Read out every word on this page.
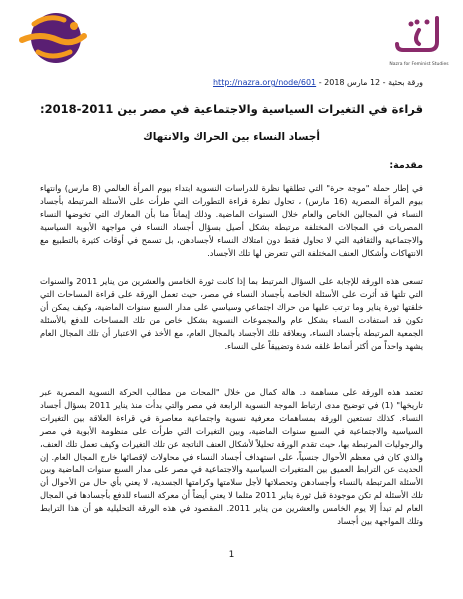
Nazra for Feminist Studies
ورقة بحثية - 12 مارس 2018 - http://nazra.org/node/601
قراءة في التغيرات السياسية والاجتماعية في مصر بين 2011-2018:
أجساد النساء بين الحراك والانتهاك
مقدمة:
في إطار حملة "موجة حرة" التي تطلقها نظرة للدراسات النسوية ابتداء بيوم المرأة العالمي (8 مارس) وانتهاء بيوم المرأة المصرية (16 مارس) ، تحاول نظرة قراءة التطورات التي طرأت على الأسئلة المرتبطة بأجساد النساء في المجالين الخاص والعام خلال السنوات الماضية. وذلك إيماناً منا بأن المعارك التي تخوضها النساء المصريات في المجالات المختلفة مرتبطة بشكل أصيل بسؤال أجساد النساء في مواجهة الأبوية السياسية والاجتماعية والثقافية التي لا تحاول فقط دون امتلاك النساء لأجسادهن، بل تسمح في أوقات كثيرة بالتطبيع مع الانتهاكات وأشكال العنف المختلفة التي تتعرض لها تلك الأجساد.
تسعى هذه الورقة للإجابة على السؤال المرتبط بما إذا كانت ثورة الخامس والعشرين من يناير 2011 والسنوات التي تلتها قد أثرت على الأسئلة الخاصة بأجساد النساء في مصر، حيث تعمل الورقة على قراءة المساحات التي خلقتها ثورة يناير وما ترتب عليها من حراك اجتماعي وسياسي على مدار السبع سنوات الماضية، وكيف يمكن أن تكون قد استفادت النساء بشكل عام والمجموعات النسوية بشكل خاص من تلك المساحات للدفع بالأسئلة الجمعية المرتبطة بأجساد النساء، وبعلاقة تلك الأجساد بالمجال العام، مع الأخذ في الاعتبار أن تلك المجال العام يشهد واحداً من أكثر أنماط غلقه شدة وتضييقاً على النساء.
تعتمد هذه الورقة على مساهمة د. هالة كمال من خلال "المحات من مطالب الحركة النسوية المصرية عبر تاريخها" (1) في توضيح مدى ارتباط الموجة النسوية الرابعة في مصر والتي بدأت منذ يناير 2011 بسؤال أجساد النساء. كذلك تستعين الورقة بمساهمات معرفية نسوية واجتماعية معاصرة في قراءة العلاقة بين التغيرات السياسية والاجتماعية في السبع سنوات الماضية، وبين التغيرات التي طرأت على منظومة الأبوية في مصر والرجوليات المرتبطة بها، حيث تقدم الورقة تحليلاً لأشكال العنف الناتجة عن تلك التغيرات وكيف تعمل تلك العنف، والذي كان في معظم الأحوال جنسياً، على استهداف أجساد النساء في محاولات لإقصائها خارج المجال العام. إن الحديث عن الترابط العميق بين المتغيرات السياسية والاجتماعية في مصر على مدار السبع سنوات الماضية وبين الأسئلة المرتبطة بالنساء وأجسادهن وتحصلاتها لأجل سلامتها وكرامتها الجسدية، لا يعني بأي حال من الأحوال أن تلك الأسئلة لم تكن موجودة قبل ثورة يناير 2011 مثلما لا يعني أيضاً أن معركة النساء للدفع بأجسادها في المجال العام لم تبدأ إلا يوم الخامس والعشرين من يناير 2011. المقصود في هذه الورقة التحليلية هو أن هذا الترابط وتلك المواجهة بين أجساد
1
